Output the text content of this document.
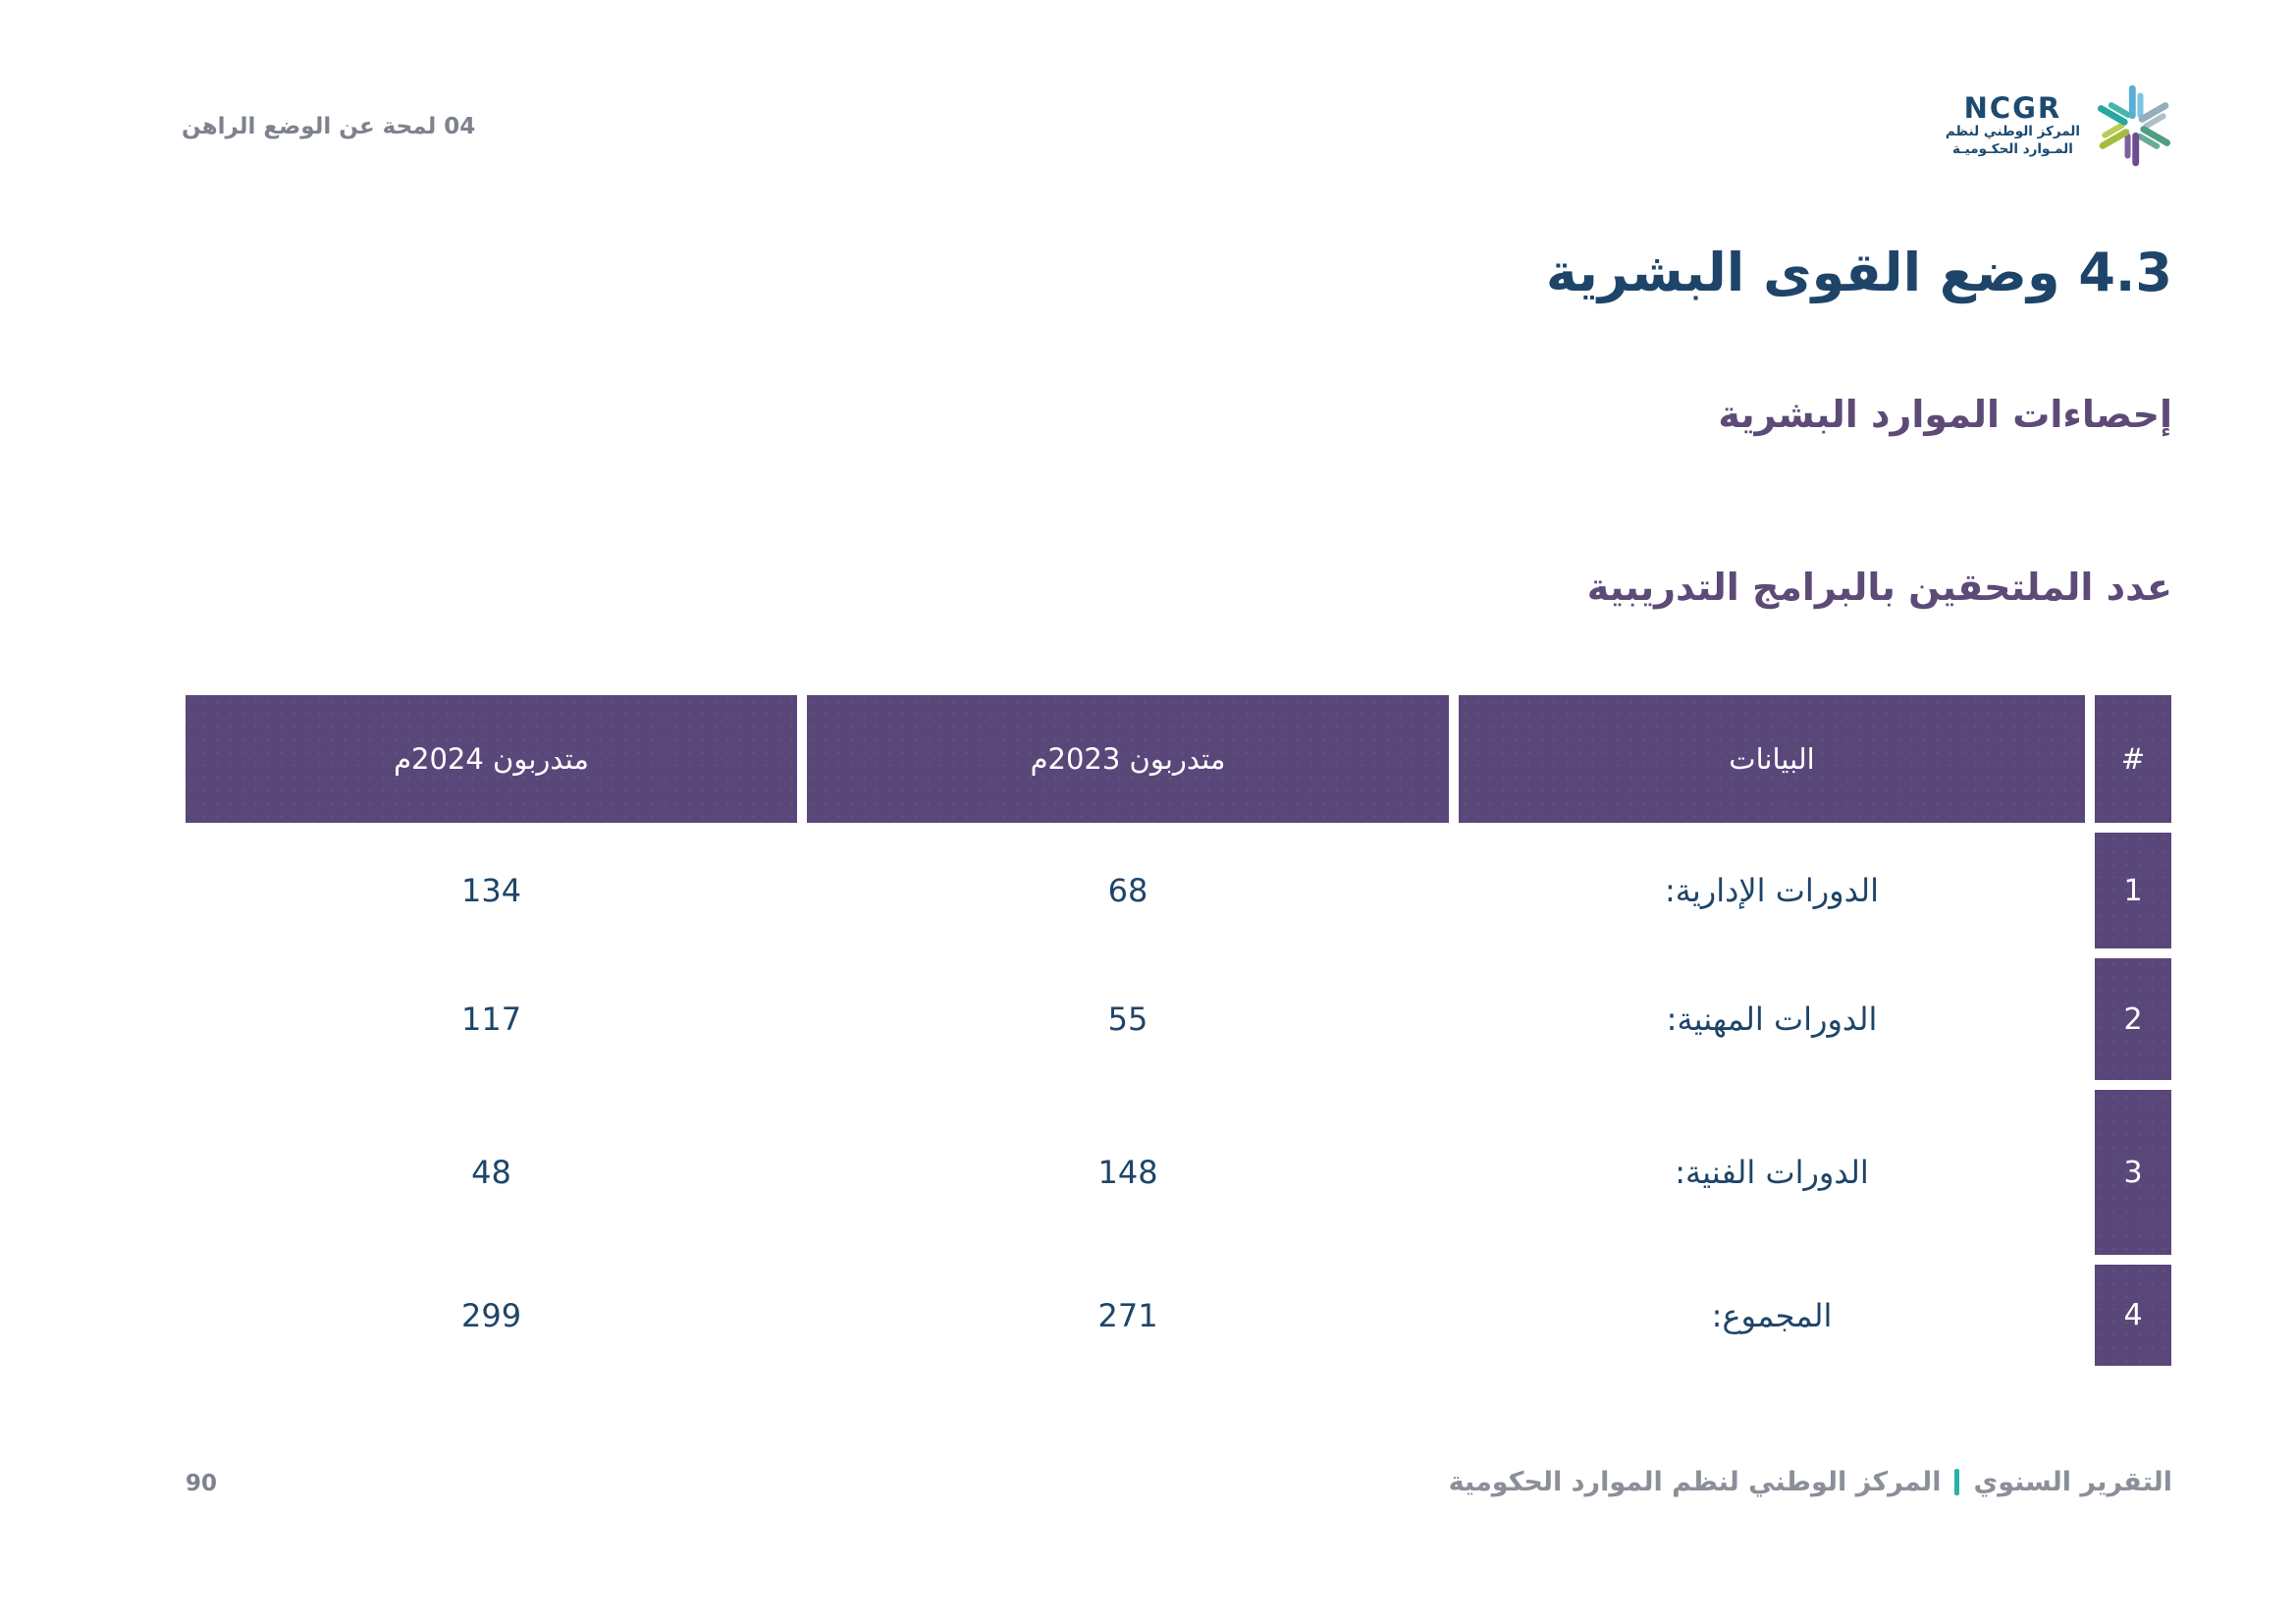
04 لمحة عن الوضع الراهن
NCGR
المركز الوطني لنظم
المـوارد الحكـوميـة
4.3 وضع القوى البشرية
إحصاءات الموارد البشرية
عدد الملتحقين بالبرامج التدريبية
#
البيانات
متدربون 2023م
متدربون 2024م
1
الدورات الإدارية:
68
134
2
الدورات المهنية:
55
117
3
الدورات الفنية:
148
48
4
المجموع:
271
299
التقرير السنوي
المركز الوطني لنظم الموارد الحكومية
90
